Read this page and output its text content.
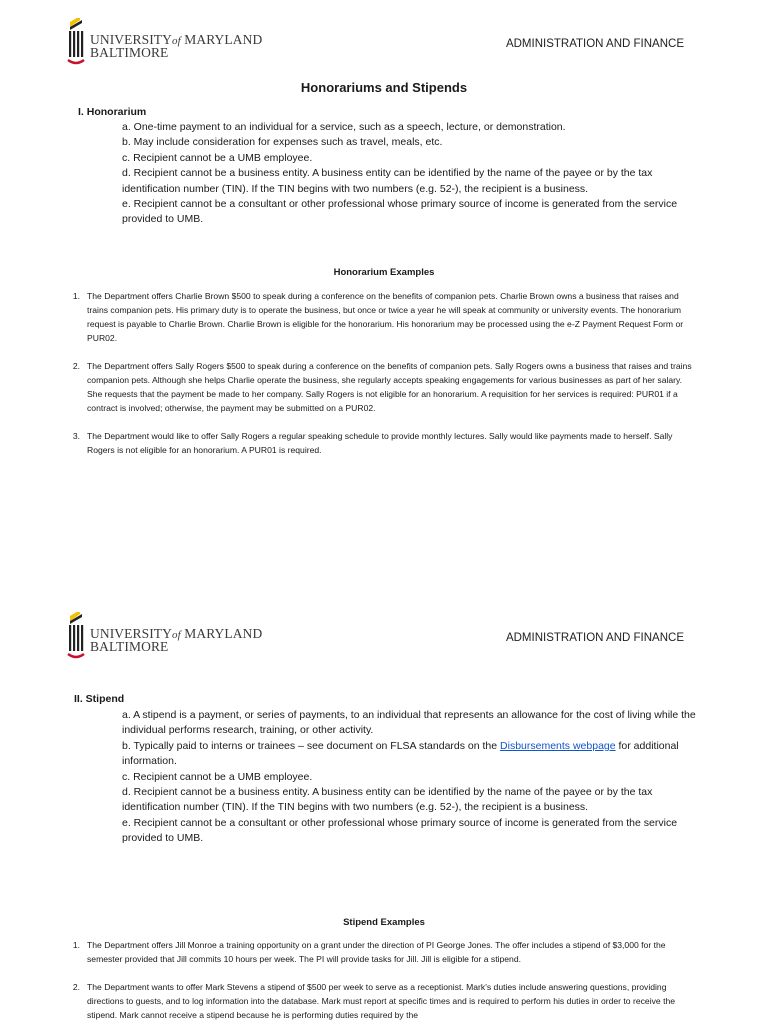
UNIVERSITYof MARYLAND
BALTIMORE
ADMINISTRATION AND FINANCE
Honorariums and Stipends
I. Honorarium
a. One-time payment to an individual for a service, such as a speech, lecture, or demonstration.
b. May include consideration for expenses such as travel, meals, etc.
c. Recipient cannot be a UMB employee.
d. Recipient cannot be a business entity. A business entity can be identified by the name of the payee or by the tax identification number (TIN). If the TIN begins with two numbers (e.g. 52-), the recipient is a business.
e. Recipient cannot be a consultant or other professional whose primary source of income is generated from the service provided to UMB.
Honorarium Examples
1. The Department offers Charlie Brown $500 to speak during a conference on the benefits of companion pets. Charlie Brown owns a business that raises and trains companion pets. His primary duty is to operate the business, but once or twice a year he will speak at community or university events. The honorarium request is payable to Charlie Brown. Charlie Brown is eligible for the honorarium. His honorarium may be processed using the e-Z Payment Request Form or PUR02.
2. The Department offers Sally Rogers $500 to speak during a conference on the benefits of companion pets. Sally Rogers owns a business that raises and trains companion pets. Although she helps Charlie operate the business, she regularly accepts speaking engagements for various businesses as part of her salary. She requests that the payment be made to her company. Sally Rogers is not eligible for an honorarium. A requisition for her services is required: PUR01 if a contract is involved; otherwise, the payment may be submitted on a PUR02.
3. The Department would like to offer Sally Rogers a regular speaking schedule to provide monthly lectures. Sally would like payments made to herself. Sally Rogers is not eligible for an honorarium. A PUR01 is required.
UNIVERSITYof MARYLAND
BALTIMORE
ADMINISTRATION AND FINANCE
II. Stipend
a. A stipend is a payment, or series of payments, to an individual that represents an allowance for the cost of living while the individual performs research, training, or other activity.
b. Typically paid to interns or trainees – see document on FLSA standards on the Disbursements webpage for additional information.
c. Recipient cannot be a UMB employee.
d. Recipient cannot be a business entity. A business entity can be identified by the name of the payee or by the tax identification number (TIN). If the TIN begins with two numbers (e.g. 52-), the recipient is a business.
e. Recipient cannot be a consultant or other professional whose primary source of income is generated from the service provided to UMB.
Stipend Examples
1. The Department offers Jill Monroe a training opportunity on a grant under the direction of PI George Jones. The offer includes a stipend of $3,000 for the semester provided that Jill commits 10 hours per week. The PI will provide tasks for Jill. Jill is eligible for a stipend.
2. The Department wants to offer Mark Stevens a stipend of $500 per week to serve as a receptionist. Mark's duties include answering questions, providing directions to guests, and to log information into the database. Mark must report at specific times and is required to perform his duties in order to receive the stipend. Mark cannot receive a stipend because he is performing duties required by the
